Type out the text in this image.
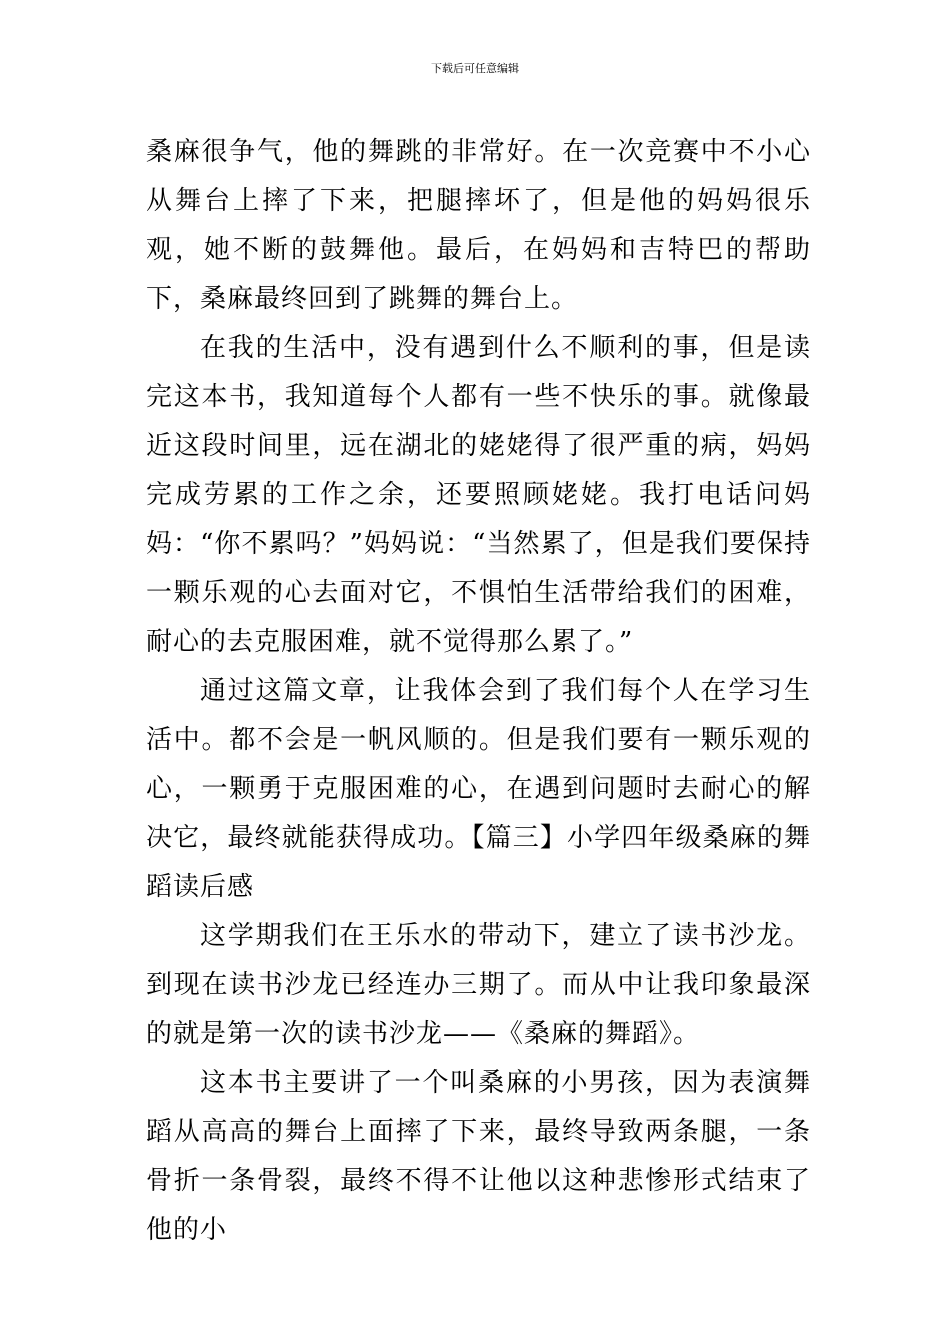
下载后可任意编辑

桑麻很争气，他的舞跳的非常好。在一次竞赛中不小心从舞台上摔了下来，把腿摔坏了，但是他的妈妈很乐观，她不断的鼓舞他。最后，在妈妈和吉特巴的帮助下，桑麻最终回到了跳舞的舞台上。

在我的生活中，没有遇到什么不顺利的事，但是读完这本书，我知道每个人都有一些不快乐的事。就像最近这段时间里，远在湖北的姥姥得了很严重的病，妈妈完成劳累的工作之余，还要照顾姥姥。我打电话问妈妈：“你不累吗？”妈妈说：“当然累了，但是我们要保持一颗乐观的心去面对它，不惧怕生活带给我们的困难，耐心的去克服困难，就不觉得那么累了。”

通过这篇文章，让我体会到了我们每个人在学习生活中。都不会是一帆风顺的。但是我们要有一颗乐观的心，一颗勇于克服困难的心，在遇到问题时去耐心的解决它，最终就能获得成功。【篇三】小学四年级桑麻的舞蹈读后感

这学期我们在王乐水的带动下，建立了读书沙龙。到现在读书沙龙已经连办三期了。而从中让我印象最深的就是第一次的读书沙龙——《桑麻的舞蹈》。

这本书主要讲了一个叫桑麻的小男孩，因为表演舞蹈从高高的舞台上面摔了下来，最终导致两条腿，一条骨折一条骨裂，最终不得不让他以这种悲惨形式结束了他的小
